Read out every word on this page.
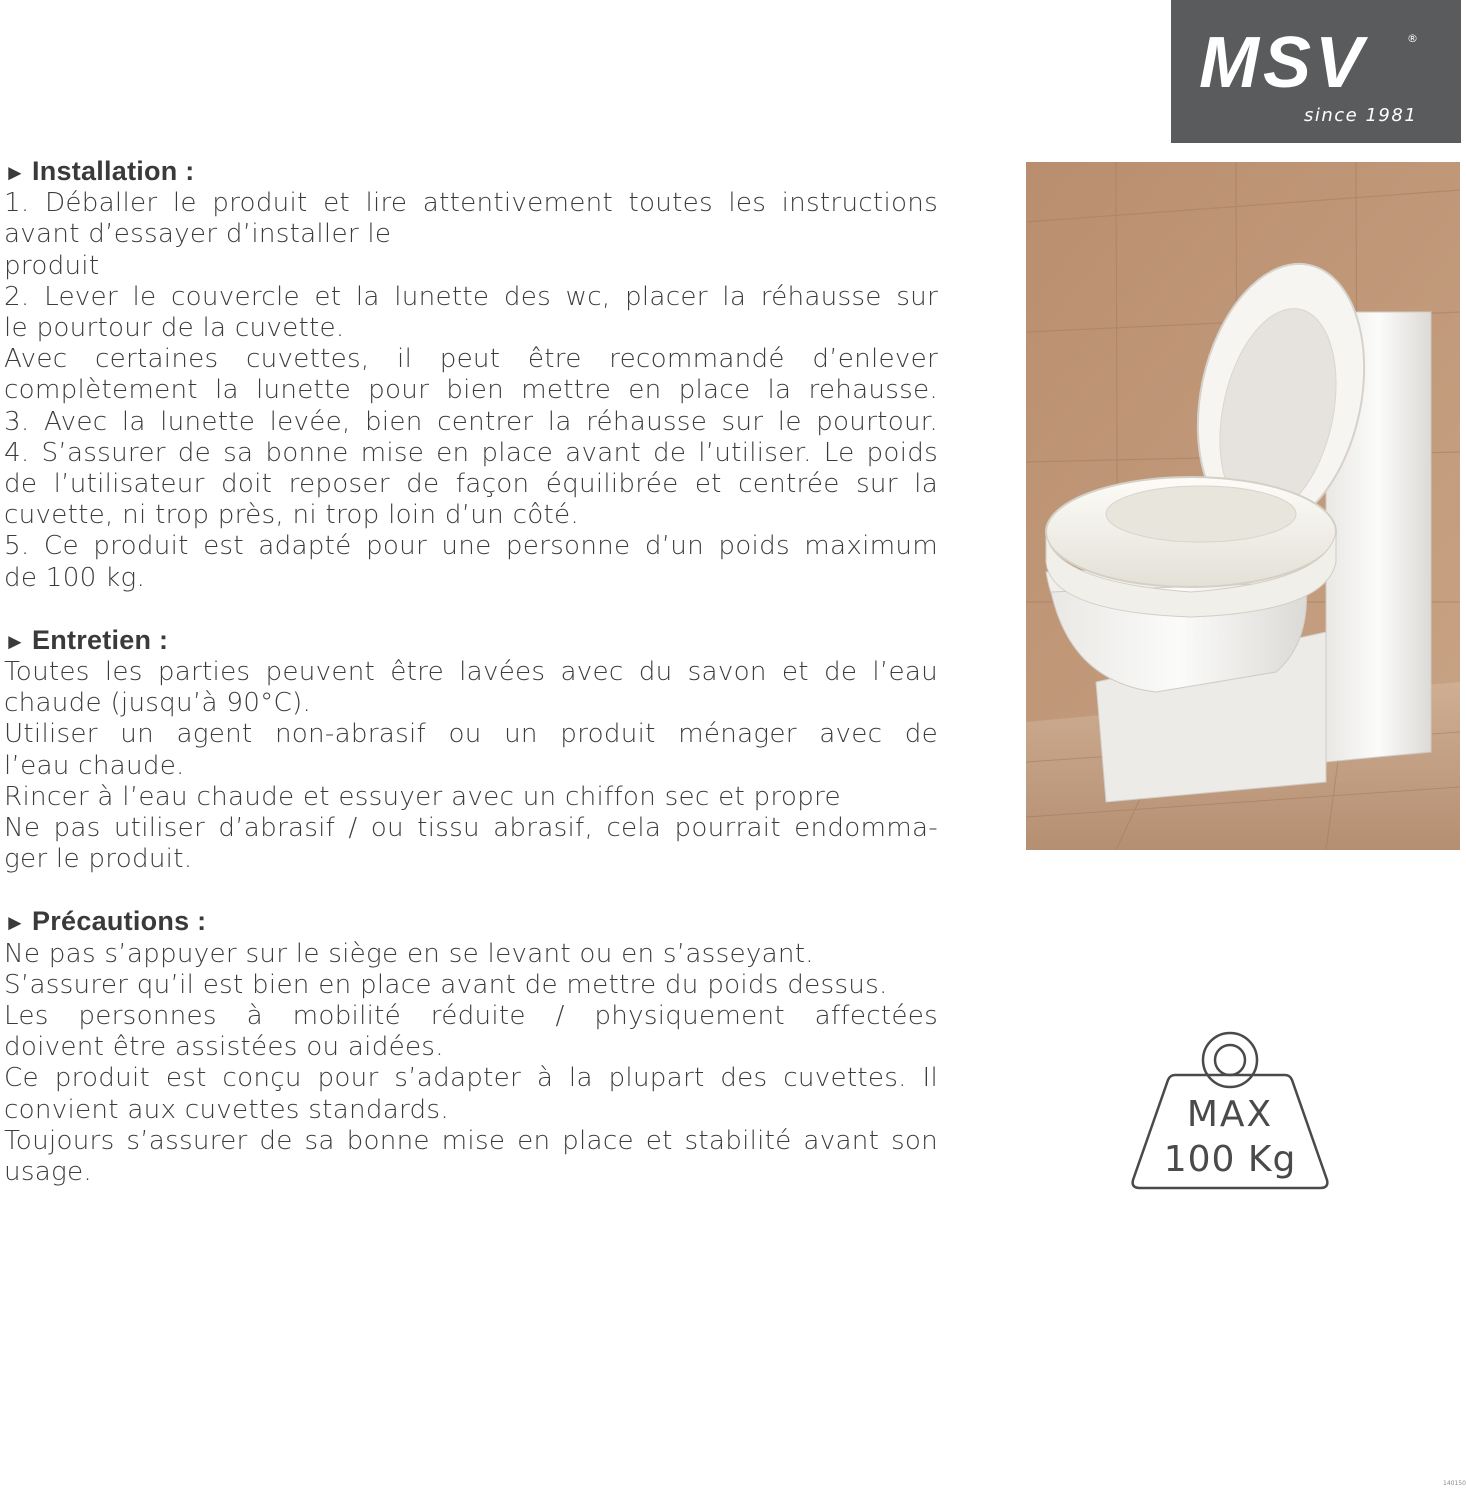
MSV	®
since 1981
► Installation :
1. Déballer le produit et lire attentivement toutes les instructions
avant d’essayer d’installer le
produit
2. Lever le couvercle et la lunette des wc, placer la réhausse sur
le pourtour de la cuvette.
Avec certaines cuvettes, il peut être recommandé d’enlever
complètement la lunette pour bien mettre en place la rehausse.
3. Avec la lunette levée, bien centrer la réhausse sur le pourtour.
4. S’assurer de sa bonne mise en place avant de l’utiliser. Le poids
de l’utilisateur doit reposer de façon équilibrée et centrée sur la
cuvette, ni trop près, ni trop loin d’un côté.
5. Ce produit est adapté pour une personne d’un poids maximum
de 100 kg.
► Entretien :
Toutes les parties peuvent être lavées avec du savon et de l’eau
chaude (jusqu’à 90°C).
Utiliser un agent non-abrasif ou un produit ménager avec de
l’eau chaude.
Rincer à l’eau chaude et essuyer avec un chiffon sec et propre
Ne pas utiliser d’abrasif / ou tissu abrasif, cela pourrait endomma-
ger le produit.
► Précautions :
Ne pas s’appuyer sur le siège en se levant ou en s’asseyant.
S’assurer qu’il est bien en place avant de mettre du poids dessus.
Les personnes à mobilité réduite / physiquement affectées
doivent être assistées ou aidées.
Ce produit est conçu pour s’adapter à la plupart des cuvettes. Il
convient aux cuvettes standards.
Toujours s’assurer de sa bonne mise en place et stabilité avant son
usage.
MAX
100 Kg
140150
